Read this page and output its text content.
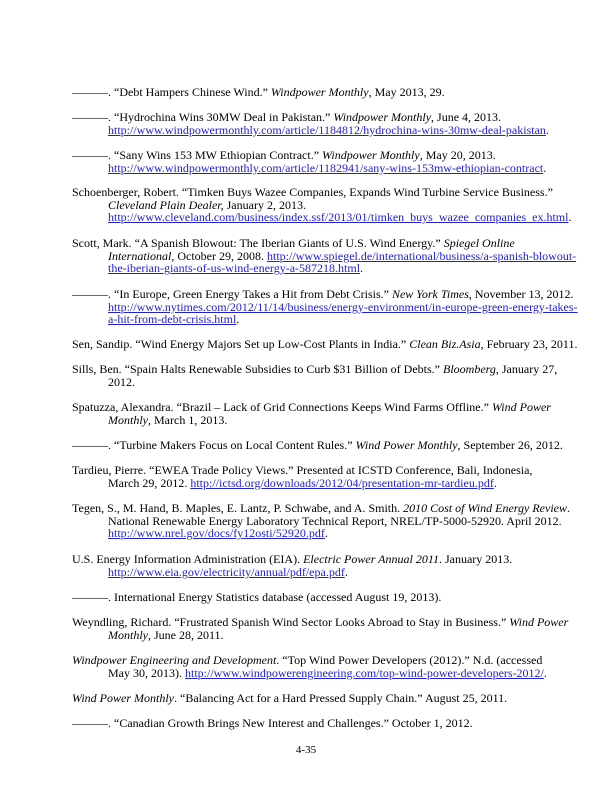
———. “Debt Hampers Chinese Wind.” Windpower Monthly, May 2013, 29.
———. “Hydrochina Wins 30MW Deal in Pakistan.” Windpower Monthly, June 4, 2013.
http://www.windpowermonthly.com/article/1184812/hydrochina-wins-30mw-deal-pakistan.
———. “Sany Wins 153 MW Ethiopian Contract.” Windpower Monthly, May 20, 2013.
http://www.windpowermonthly.com/article/1182941/sany-wins-153mw-ethiopian-contract.
Schoenberger, Robert. “Timken Buys Wazee Companies, Expands Wind Turbine Service Business.”
Cleveland Plain Dealer, January 2, 2013.
http://www.cleveland.com/business/index.ssf/2013/01/timken_buys_wazee_companies_ex.html.
Scott, Mark. “A Spanish Blowout: The Iberian Giants of U.S. Wind Energy.” Spiegel Online
International, October 29, 2008. http://www.spiegel.de/international/business/a-spanish-blowout-
the-iberian-giants-of-us-wind-energy-a-587218.html.
———. “In Europe, Green Energy Takes a Hit from Debt Crisis.” New York Times, November 13, 2012.
http://www.nytimes.com/2012/11/14/business/energy-environment/in-europe-green-energy-takes-
a-hit-from-debt-crisis.html.
Sen, Sandip. “Wind Energy Majors Set up Low-Cost Plants in India.” Clean Biz.Asia, February 23, 2011.
Sills, Ben. “Spain Halts Renewable Subsidies to Curb $31 Billion of Debts.” Bloomberg, January 27,
2012.
Spatuzza, Alexandra. “Brazil – Lack of Grid Connections Keeps Wind Farms Offline.” Wind Power
Monthly, March 1, 2013.
———. “Turbine Makers Focus on Local Content Rules.” Wind Power Monthly, September 26, 2012.
Tardieu, Pierre. “EWEA Trade Policy Views.” Presented at ICSTD Conference, Bali, Indonesia,
March 29, 2012. http://ictsd.org/downloads/2012/04/presentation-mr-tardieu.pdf.
Tegen, S., M. Hand, B. Maples, E. Lantz, P. Schwabe, and A. Smith. 2010 Cost of Wind Energy Review.
National Renewable Energy Laboratory Technical Report, NREL/TP-5000-52920. April 2012.
http://www.nrel.gov/docs/fy12osti/52920.pdf.
U.S. Energy Information Administration (EIA). Electric Power Annual 2011. January 2013.
http://www.eia.gov/electricity/annual/pdf/epa.pdf.
———. International Energy Statistics database (accessed August 19, 2013).
Weyndling, Richard. “Frustrated Spanish Wind Sector Looks Abroad to Stay in Business.” Wind Power
Monthly, June 28, 2011.
Windpower Engineering and Development. “Top Wind Power Developers (2012).” N.d. (accessed
May 30, 2013). http://www.windpowerengineering.com/top-wind-power-developers-2012/.
Wind Power Monthly. “Balancing Act for a Hard Pressed Supply Chain.” August 25, 2011.
———. “Canadian Growth Brings New Interest and Challenges.” October 1, 2012.
4-35
